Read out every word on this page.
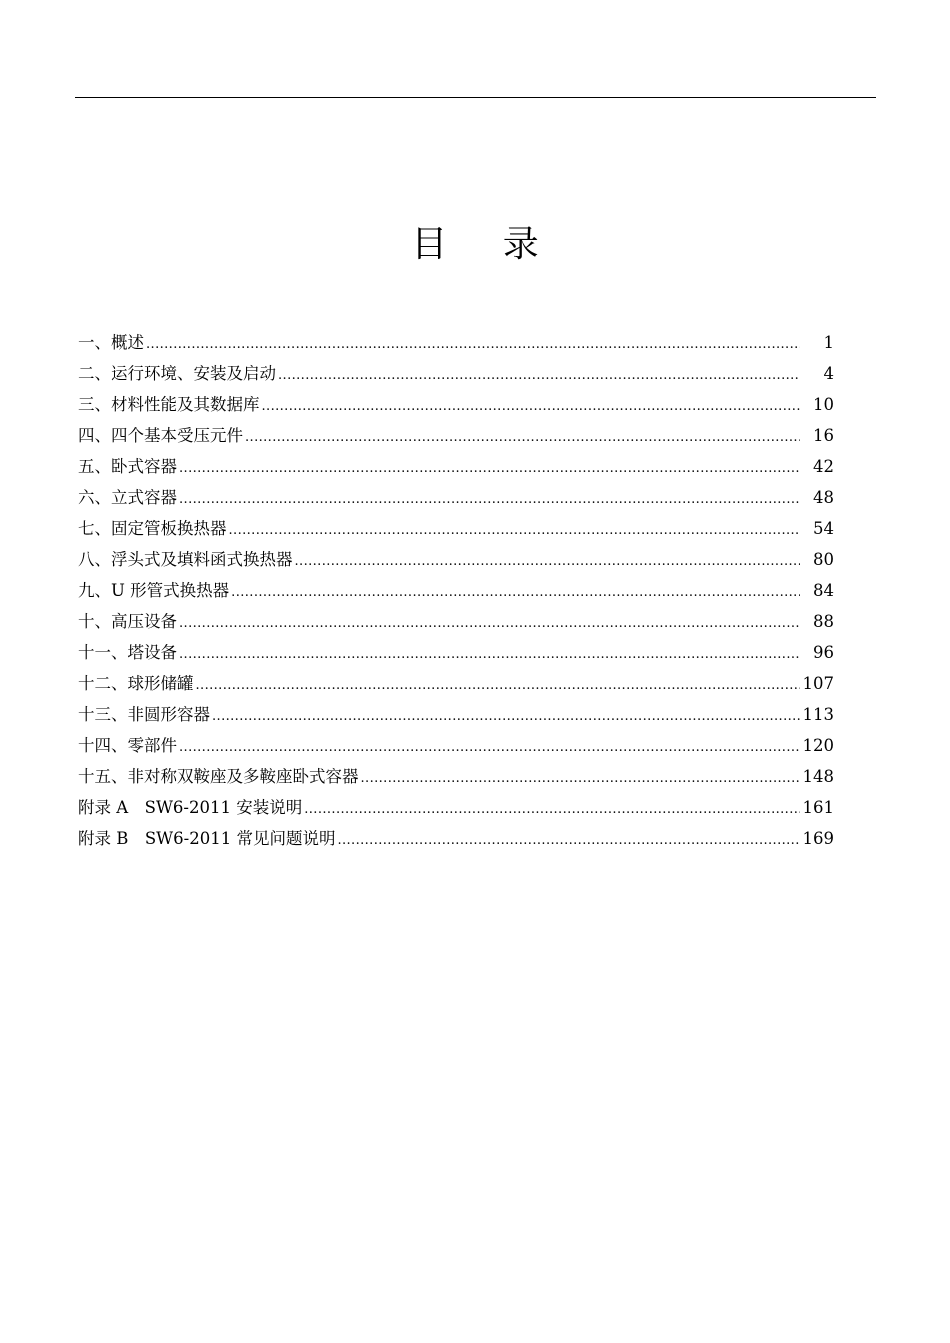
目 录
一、概述 .....	1
二、运行环境、安装及启动 .....	4
三、材料性能及其数据库 .....	10
四、四个基本受压元件 .....	16
五、卧式容器 .....	42
六、立式容器 .....	48
七、固定管板换热器 .....	54
八、浮头式及填料函式换热器 .....	80
九、U 形管式换热器 .....	84
十、高压设备 .....	88
十一、塔设备 .....	96
十二、球形储罐 .....	107
十三、非圆形容器 .....	113
十四、零部件 .....	120
十五、非对称双鞍座及多鞍座卧式容器 .....	148
附录 A　SW6-2011 安装说明 .....	161
附录 B　SW6-2011 常见问题说明 .....	169
